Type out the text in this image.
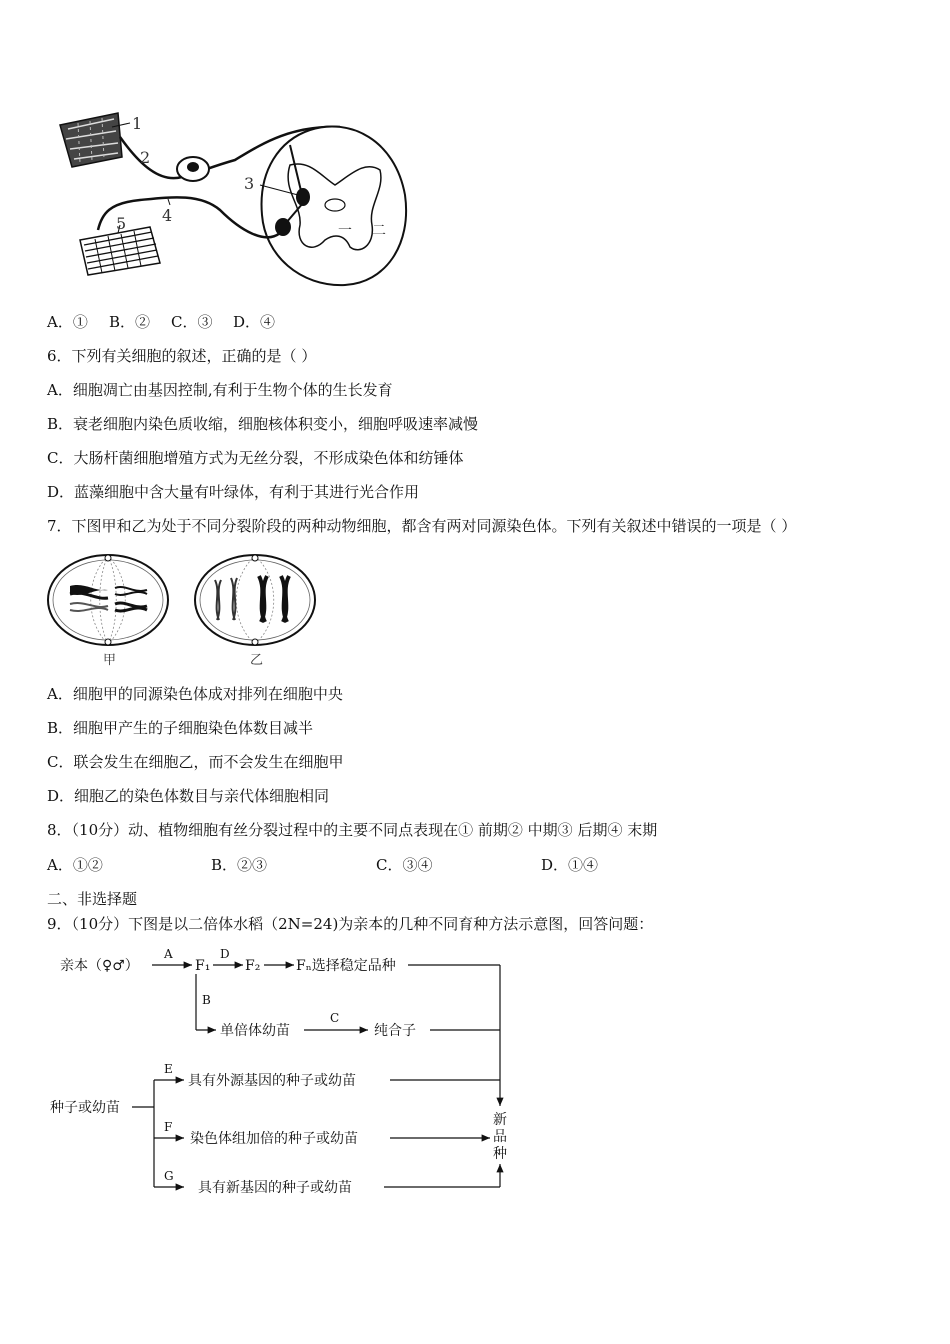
1
2
3
4
5	一 二
A．① B．② C．③ D．④
6．下列有关细胞的叙述，正确的是（ ）
A．细胞凋亡由基因控制,有利于生物个体的生长发育
B．衰老细胞内染色质收缩，细胞核体积变小，细胞呼吸速率减慢
C．大肠杆菌细胞增殖方式为无丝分裂，不形成染色体和纺锤体
D．蓝藻细胞中含大量有叶绿体，有利于其进行光合作用
7．下图甲和乙为处于不同分裂阶段的两种动物细胞，都含有两对同源染色体。下列有关叙述中错误的一项是（ ）
甲	乙
A．细胞甲的同源染色体成对排列在细胞中央
B．细胞甲产生的子细胞染色体数目减半
C．联会发生在细胞乙，而不会发生在细胞甲
D．细胞乙的染色体数目与亲代体细胞相同
8．（10分）动、植物细胞有丝分裂过程中的主要不同点表现在① 前期② 中期③ 后期④ 末期
A．①②	B．②③	C．③④	D．①④
二、非选择题
9．（10分）下图是以二倍体水稻（2N=24)为亲本的几种不同育种方法示意图，回答问题：
亲本（♀♂）
A
F₁
D
F₂	Fₙ选择稳定品种
B
单倍体幼苗
C
纯合子
种子或幼苗
E
具有外源基因的种子或幼苗
F
染色体组加倍的种子或幼苗
G
具有新基因的种子或幼苗
新
品
种
